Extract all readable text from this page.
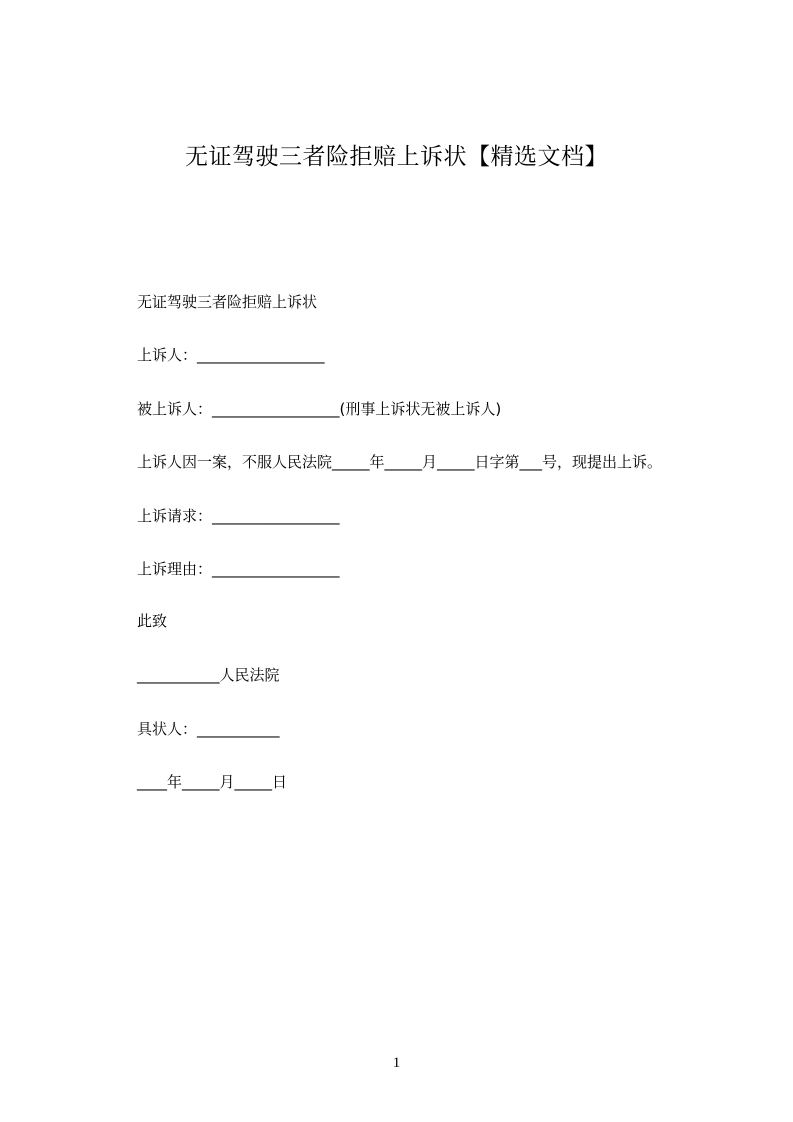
无证驾驶三者险拒赔上诉状【精选文档】
无证驾驶三者险拒赔上诉状
上诉人：_________________
被上诉人：_________________(刑事上诉状无被上诉人)
上诉人因一案，不服人民法院_____年_____月_____日字第___号，现提出上诉。
上诉请求：_________________
上诉理由：_________________
此致
___________人民法院
具状人：___________
____年_____月_____日
1
